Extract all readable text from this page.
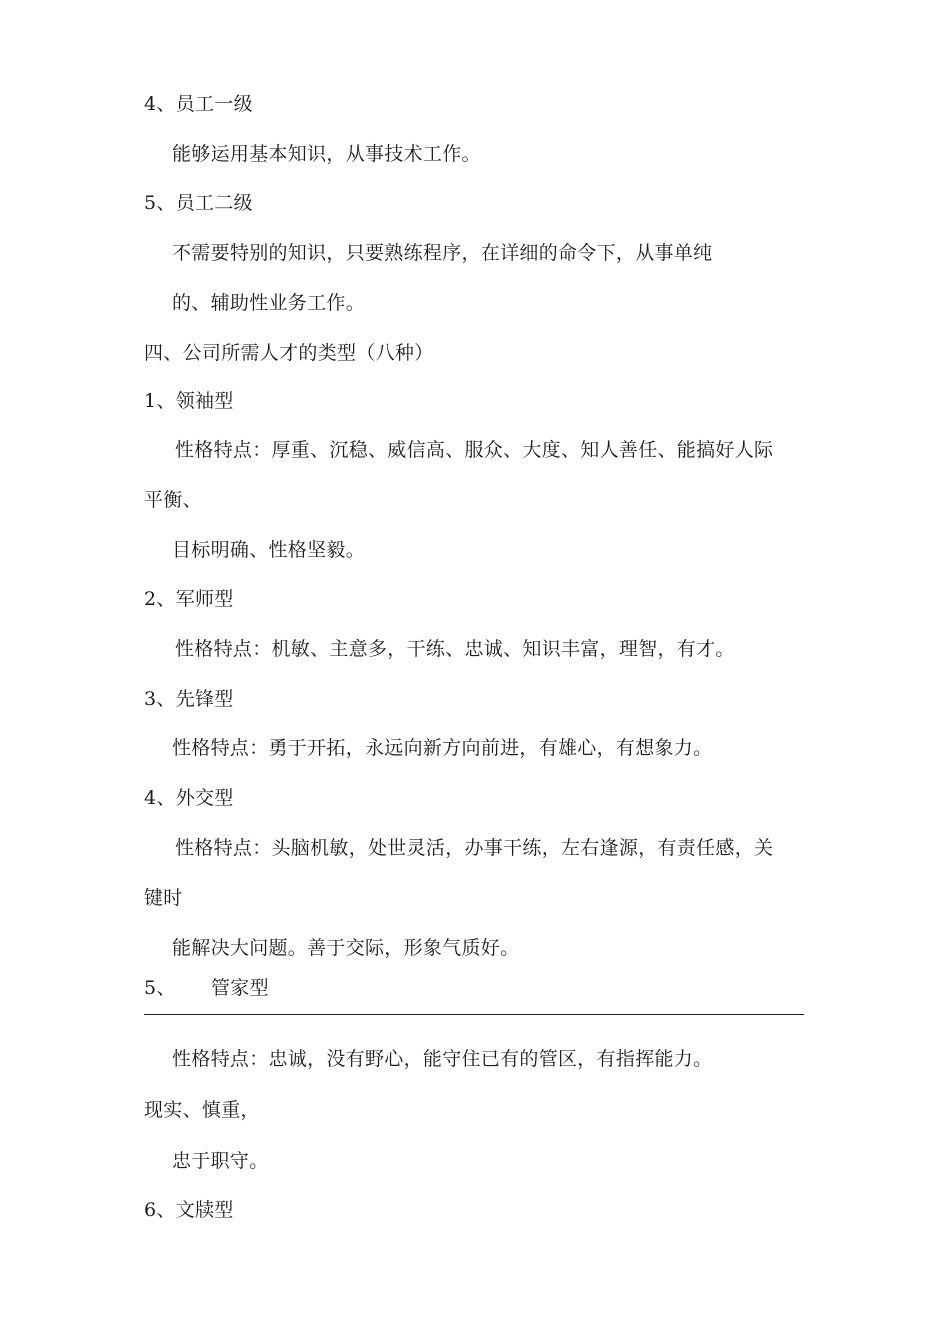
4、员工一级
能够运用基本知识，从事技术工作。
5、员工二级
不需要特别的知识，只要熟练程序，在详细的命令下，从事单纯
的、辅助性业务工作。
四、公司所需人才的类型（八种）
1、领袖型
性格特点：厚重、沉稳、威信高、服众、大度、知人善任、能搞好人际
平衡、
目标明确、性格坚毅。
2、军师型
性格特点：机敏、主意多，干练、忠诚、知识丰富，理智，有才。
3、先锋型
性格特点：勇于开拓，永远向新方向前进，有雄心，有想象力。
4、外交型
性格特点：头脑机敏，处世灵活，办事干练，左右逢源，有责任感，关
键时
能解决大问题。善于交际，形象气质好。
5、 管家型
性格特点：忠诚，没有野心，能守住已有的管区，有指挥能力。
现实、慎重，
忠于职守。
6、文牍型
